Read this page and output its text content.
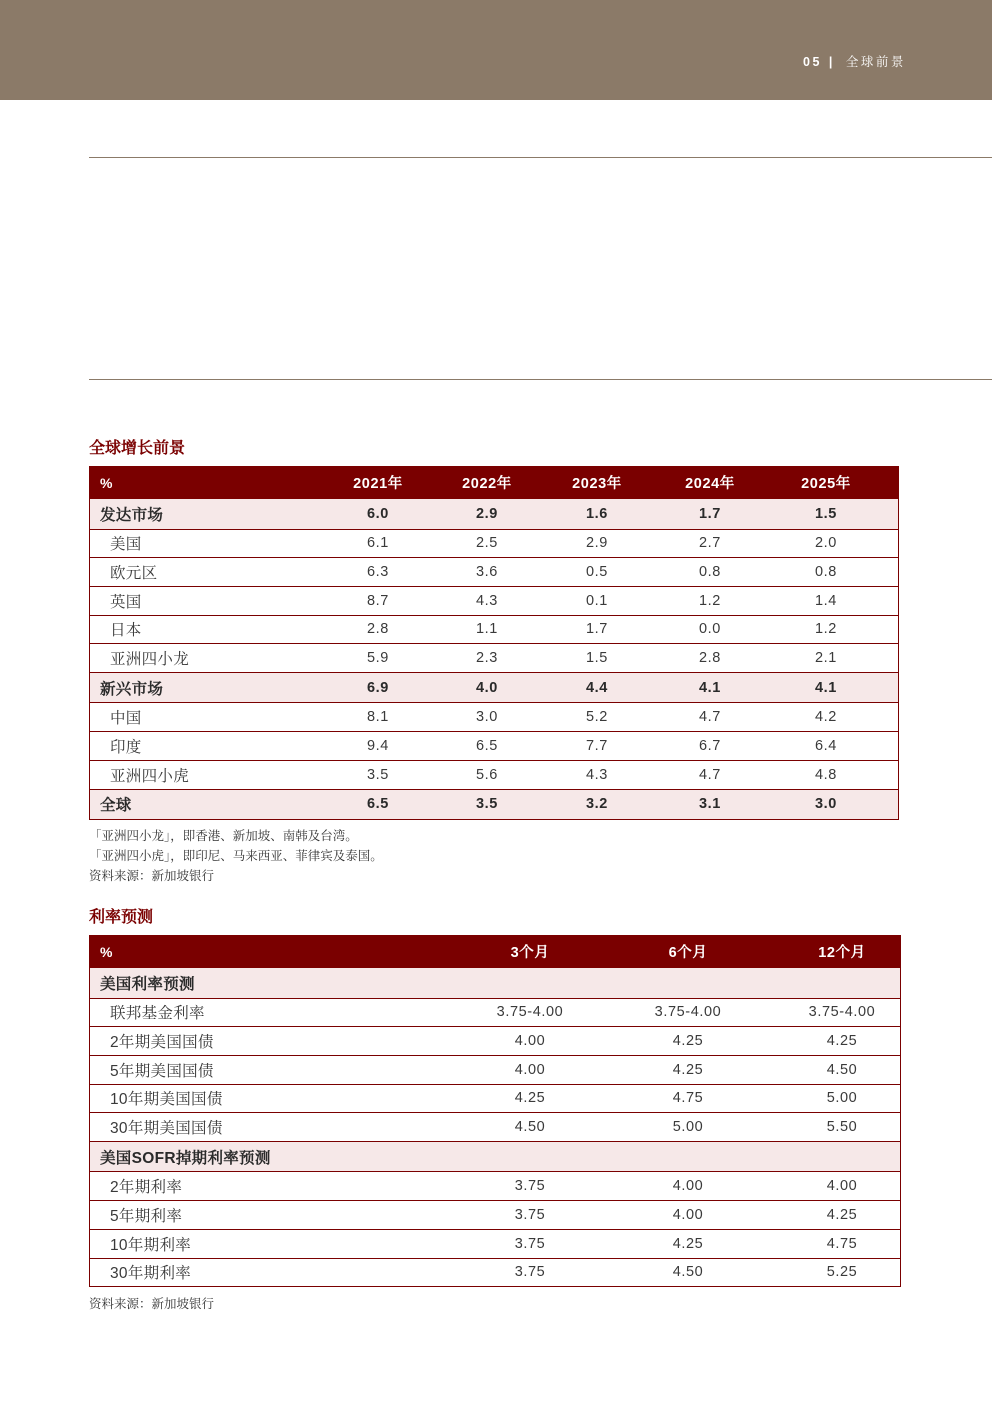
05 | 全球前景
全球增长前景
%	2021年	2022年	2023年	2024年	2025年
发达市场	6.0	2.9	1.6	1.7	1.5
美国	6.1	2.5	2.9	2.7	2.0
欧元区	6.3	3.6	0.5	0.8	0.8
英国	8.7	4.3	0.1	1.2	1.4
日本	2.8	1.1	1.7	0.0	1.2
亚洲四小龙	5.9	2.3	1.5	2.8	2.1
新兴市场	6.9	4.0	4.4	4.1	4.1
中国	8.1	3.0	5.2	4.7	4.2
印度	9.4	6.5	7.7	6.7	6.4
亚洲四小虎	3.5	5.6	4.3	4.7	4.8
全球	6.5	3.5	3.2	3.1	3.0
「亚洲四小龙」，即香港、新加坡、南韩及台湾。
「亚洲四小虎」，即印尼、马来西亚、菲律宾及泰国。
资料来源：新加坡银行
利率预测
%	3个月	6个月	12个月
美国利率预测
联邦基金利率	3.75-4.00	3.75-4.00	3.75-4.00
2年期美国国债	4.00	4.25	4.25
5年期美国国债	4.00	4.25	4.50
10年期美国国债	4.25	4.75	5.00
30年期美国国债	4.50	5.00	5.50
美国SOFR掉期利率预测
2年期利率	3.75	4.00	4.00
5年期利率	3.75	4.00	4.25
10年期利率	3.75	4.25	4.75
30年期利率	3.75	4.50	5.25
资料来源：新加坡银行
